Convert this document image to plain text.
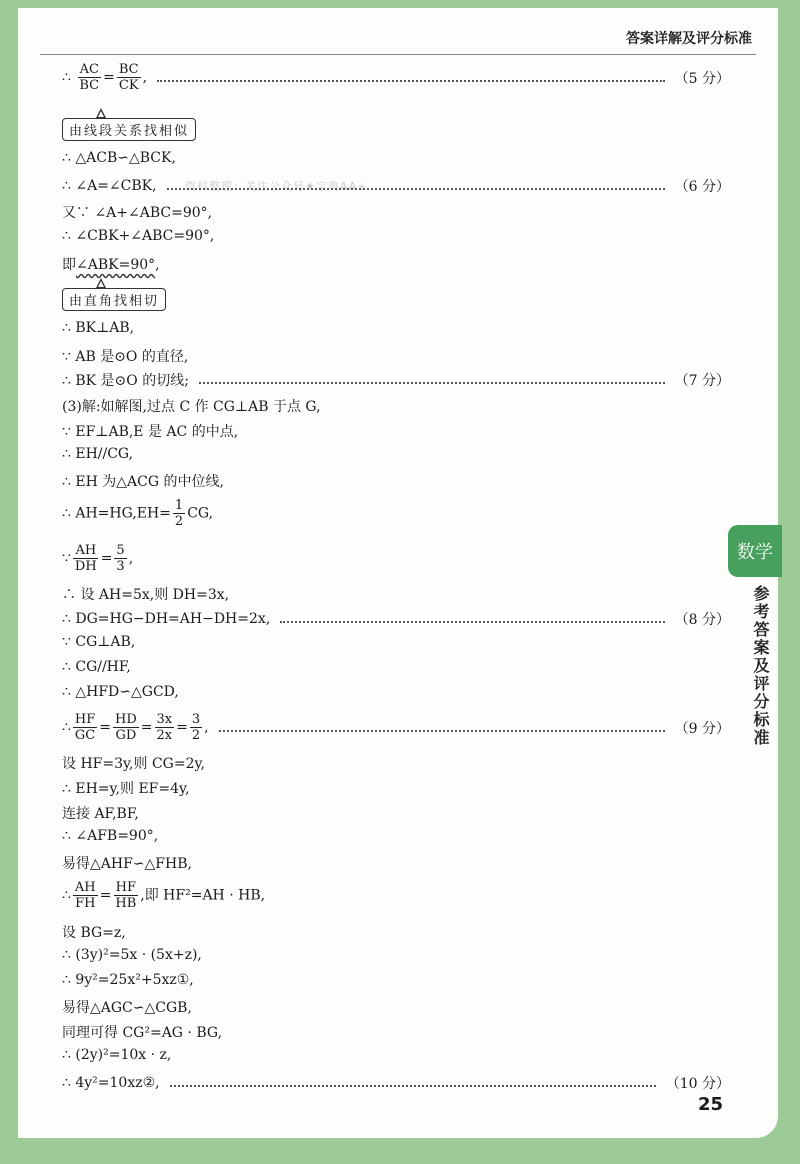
答案详解及评分标准
资料整理：关注公众号★宝典AA+
数学
参考答案及评分标准
∴ $\frac{AC}{BC} = \frac{BC}{CK}$ ,	（5 分）
由线段关系找相似
∴ △ACB∽△BCK,
∴ ∠A=∠CBK,	（6 分）
又∵ ∠A+∠ABC=90°,
∴ ∠CBK+∠ABC=90°,
即∠ABK=90°,
由直角找相切
∴ BK⊥AB,
∵ AB 是⊙O 的直径,
∴ BK 是⊙O 的切线;	（7 分）
(3)解:如解图,过点 C 作 CG⊥AB 于点 G,
∵ EF⊥AB,E 是 AC 的中点,
∴ EH//CG,
∴ EH 为△ACG 的中位线,
∴ $AH=HG,EH= \frac{1}{2}$ CG,
∵ $\frac{AH}{DH} = \frac{5}{3}$ ,
∴ 设 AH=5x,则 DH=3x,
∴ DG=HG−DH=AH−DH=2x,	（8 分）
∵ CG⊥AB,
∴ CG//HF,
∴ △HFD∽△GCD,
∴ $\frac{HF}{GC} = \frac{HD}{GD} = \frac{3x}{2x} = \frac{3}{2}$ ,	（9 分）
设 HF=3y,则 CG=2y,
∴ EH=y,则 EF=4y,
连接 AF,BF,
∴ ∠AFB=90°,
易得△AHF∽△FHB,
∴ $\frac{AH}{FH} = \frac{HF}{HB}$ ,即 HF²=AH · HB,
设 BG=z,
∴ (3y)²=5x · (5x+z),
∴ 9y²=25x²+5xz①,
易得△AGC∽△CGB,
同理可得 CG²=AG · BG,
∴ (2y)²=10x · z,
∴ 4y²=10xz②,	（10 分）
25
